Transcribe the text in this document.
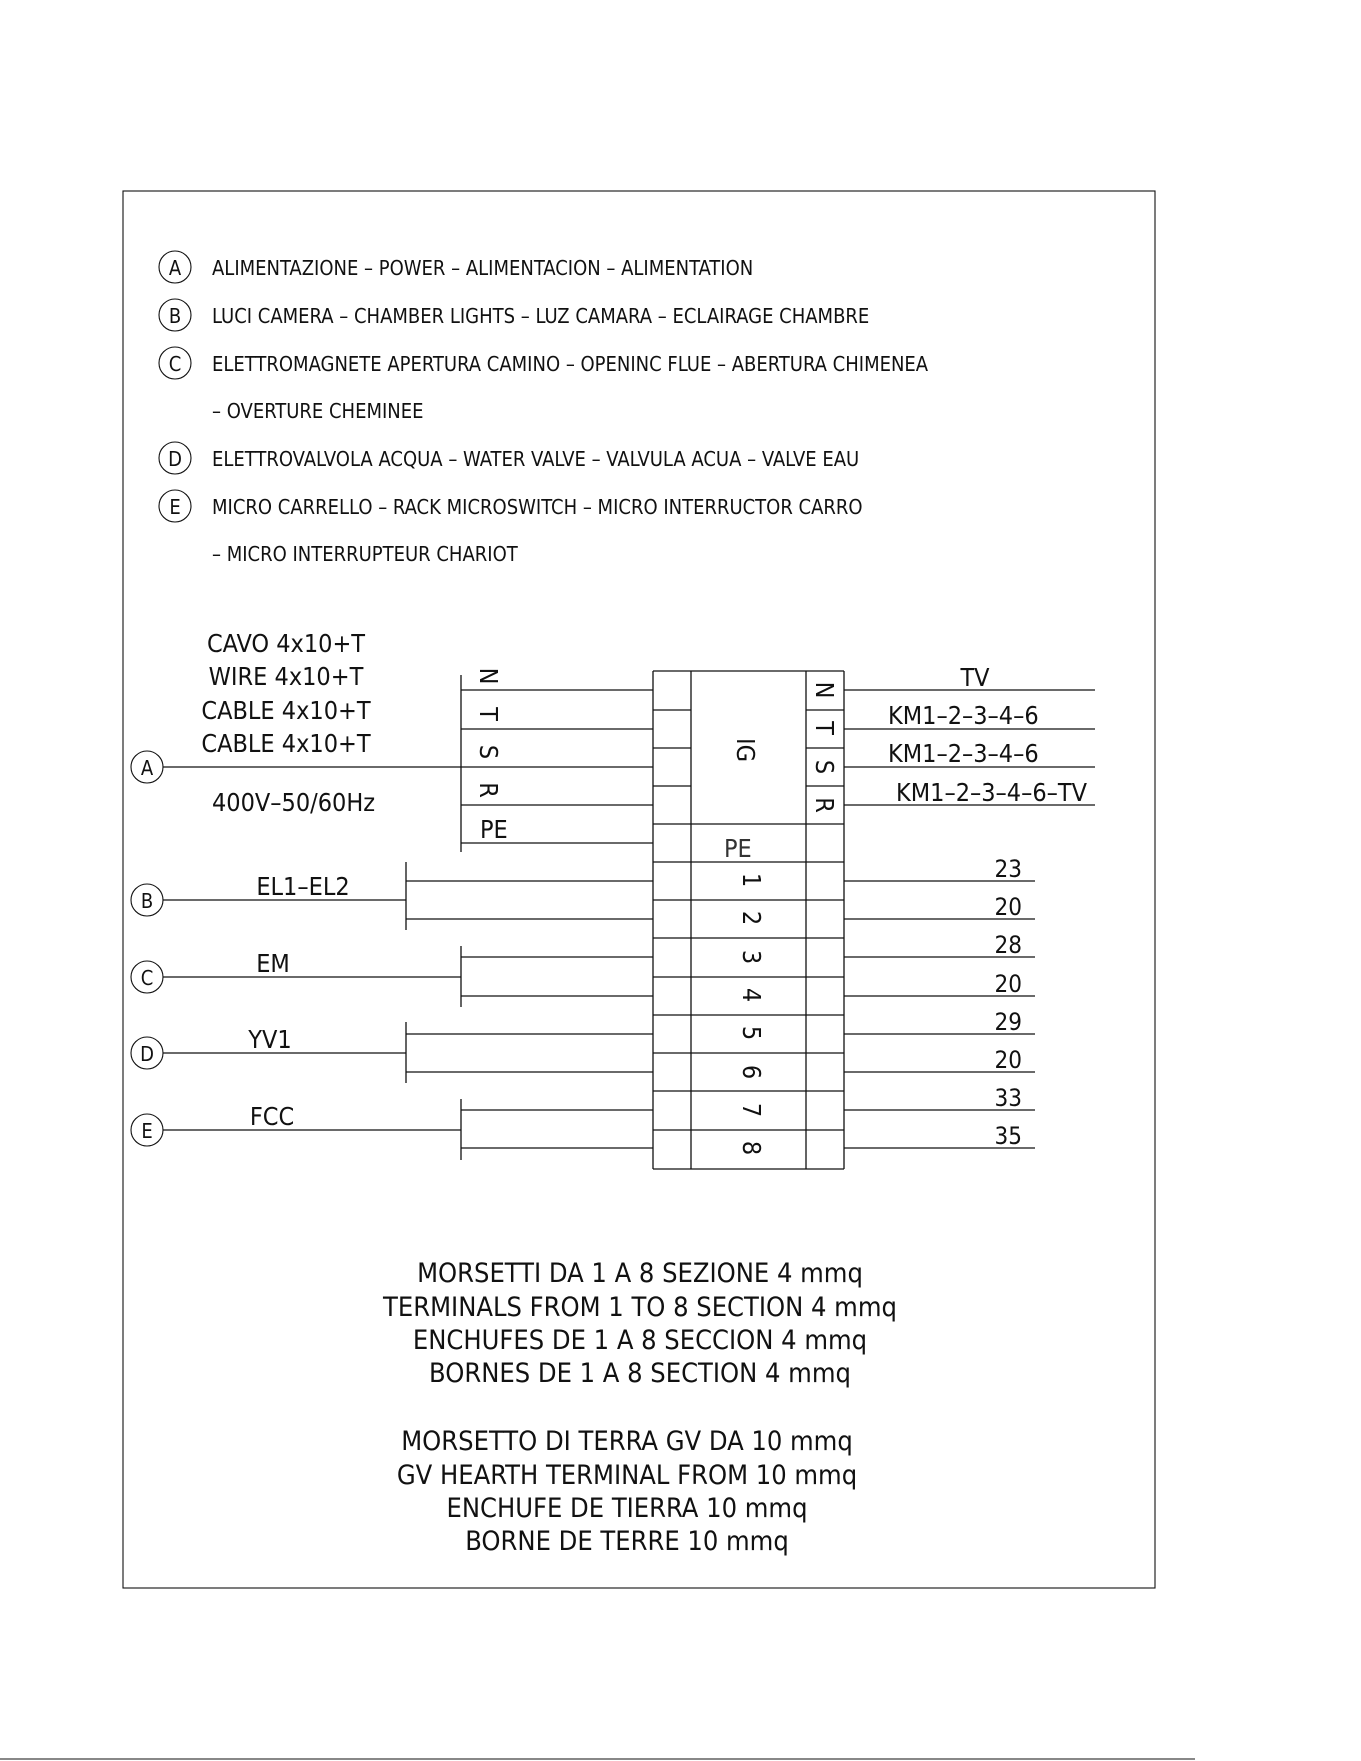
A ALIMENTAZIONE – POWER – ALIMENTACION – ALIMENTATION
B LUCI CAMERA – CHAMBER LIGHTS – LUZ CAMARA – ECLAIRAGE CHAMBRE
C ELETTROMAGNETE APERTURA CAMINO – OPENINC FLUE – ABERTURA CHIMENEA
– OVERTURE CHEMINEE
D ELETTROVALVOLA ACQUA – WATER VALVE – VALVULA ACUA – VALVE EAU
E MICRO CARRELLO – RACK MICROSWITCH – MICRO INTERRUCTOR CARRO
– MICRO INTERRUPTEUR CHARIOT
CAVO 4x10+T
WIRE 4x10+T
CABLE 4x10+T
CABLE 4x10+T
400V–50/60Hz
A
N
T
S
R
PE
IG
N
T
S
R
PE
1
2
3
4
5
6
7
8
TV
KM1–2–3–4–6
KM1–2–3–4–6
KM1–2–3–4–6–TV
B	EL1–EL2
C	EM
D	YV1
E	FCC
23
20
28
20
29
20
33
35
MORSETTI DA 1 A 8 SEZIONE 4 mmq
TERMINALS FROM 1 TO 8 SECTION 4 mmq
ENCHUFES DE 1 A 8 SECCION 4 mmq
BORNES DE 1 A 8 SECTION 4 mmq
MORSETTO DI TERRA GV DA 10 mmq
GV HEARTH TERMINAL FROM 10 mmq
ENCHUFE DE TIERRA 10 mmq
BORNE DE TERRE 10 mmq
